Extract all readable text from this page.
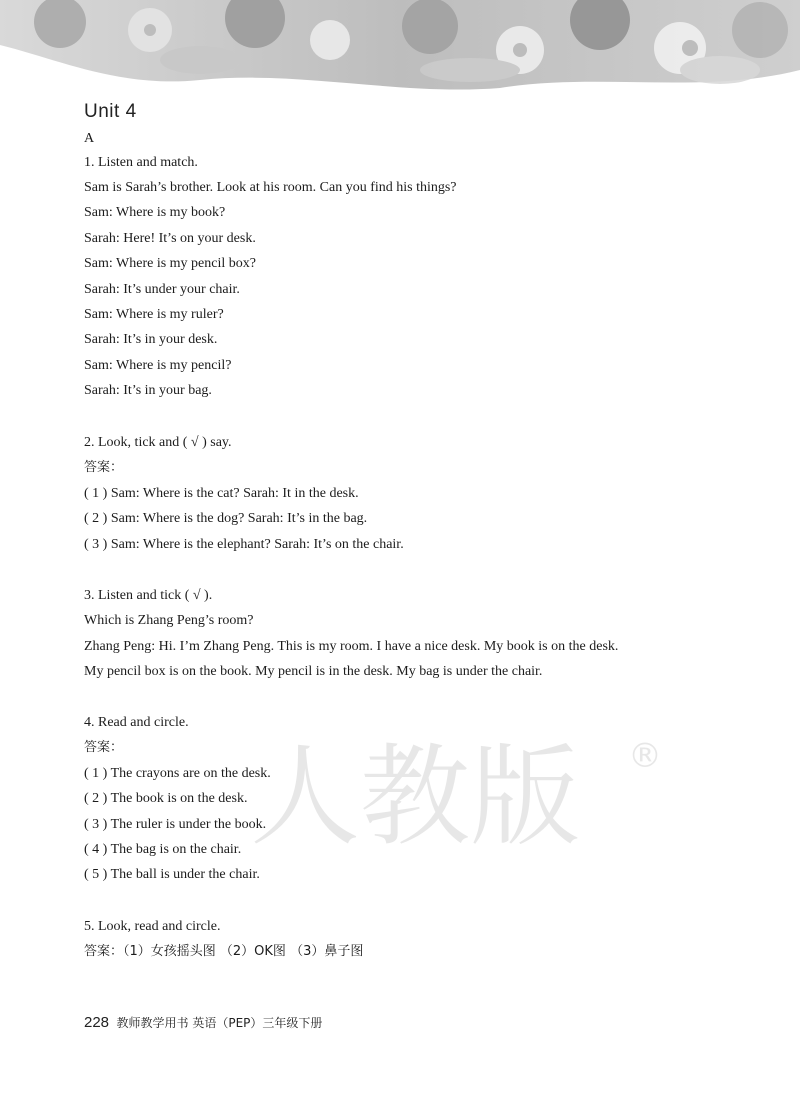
Unit 4
A
1. Listen and match.
Sam is Sarah’s brother. Look at his room. Can you find his things?
Sam: Where is my book?
Sarah: Here! It’s on your desk.
Sam: Where is my pencil box?
Sarah: It’s under your chair.
Sam: Where is my ruler?
Sarah: It’s in your desk.
Sam: Where is my pencil?
Sarah: It’s in your bag.
2. Look, tick and ( √ ) say.
答案：
( 1 ) Sam: Where is the cat? Sarah: It in the desk.
( 2 ) Sam: Where is the dog? Sarah: It’s in the bag.
( 3 ) Sam: Where is the elephant? Sarah: It’s on the chair.
3. Listen and tick ( √ ).
Which is Zhang Peng’s room?
Zhang Peng: Hi. I’m Zhang Peng. This is my room. I have a nice desk. My book is on the desk.
My pencil box is on the book. My pencil is in the desk. My bag is under the chair.
人教版 ®
4. Read and circle.
答案：
( 1 ) The crayons are on the desk.
( 2 ) The book is on the desk.
( 3 ) The ruler is under the book.
( 4 ) The bag is on the chair.
( 5 ) The ball is under the chair.
5. Look, read and circle.
答案：（1）女孩摇头图 （2）OK图 （3）鼻子图
228 教师教学用书 英语（PEP）三年级下册
